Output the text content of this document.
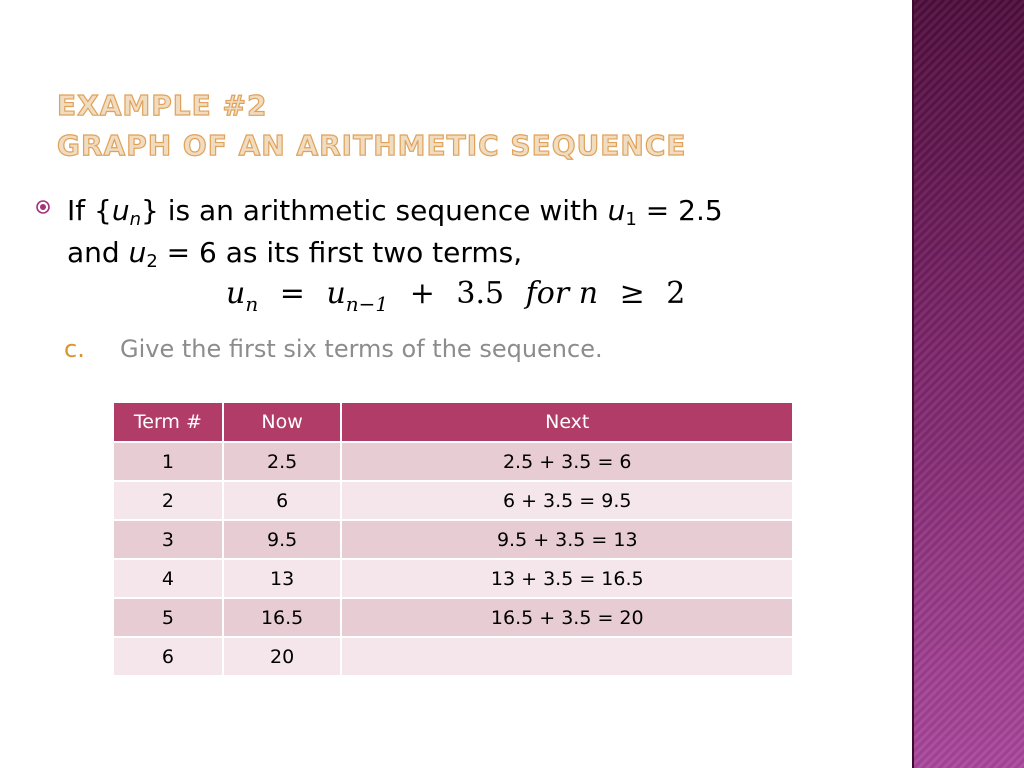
EXAMPLE #2
GRAPH OF AN ARITHMETIC SEQUENCE
If $\{u_n\}$ is an arithmetic sequence with $u_1 = 2.5$
and $u_2 = 6$ as its first two terms,
$u_n = u_{n-1} + 3.5$ for n ≥ 2
c. Give the first six terms of the sequence.
Term #	Now	Next
1	2.5	2.5 + 3.5 = 6
2	6	6 + 3.5 = 9.5
3	9.5	9.5 + 3.5 = 13
4	13	13 + 3.5 = 16.5
5	16.5	16.5 + 3.5 = 20
6	20	
